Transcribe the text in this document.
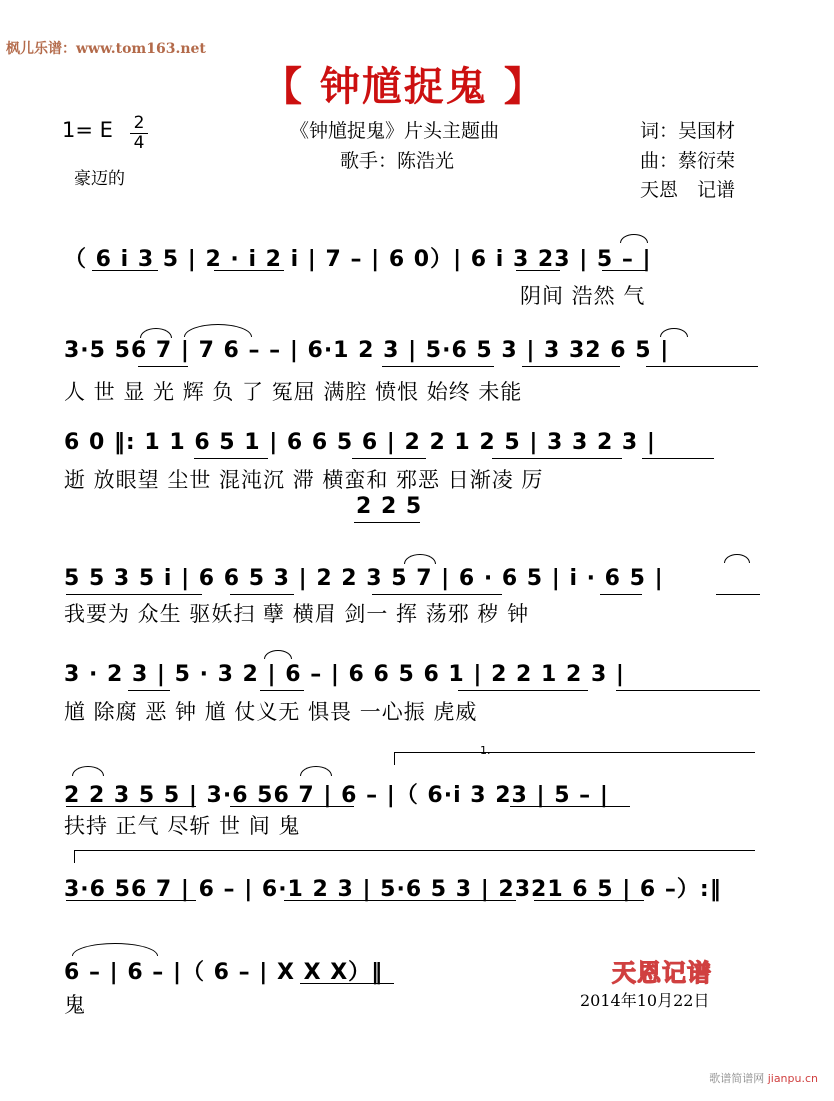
枫儿乐谱：www.tom163.net
【 钟馗捉鬼 】
《钟馗捉鬼》片头主题曲
歌手：陈浩光
词：吴国材
曲：蔡衍荣
天恩　记谱
1= E 2
4
豪迈的
（ 6 i 3 5 | 2 · i 2 i | 7 – | 6 0）| 6 i 3 23 | 5 – |
阴间 浩然 气
3·5 56 7 | 7 6 – – | 6·1 2 3 | 5·6 5 3 | 3 32 6 5 |
人 世 显 光 辉 负 了 冤屈 满腔 愤恨 始终 未能
6 0 ‖: 1 1 6 5 1 | 6 6 5 6 | 2 2 1 2 5 | 3 3 2 3 |
逝 放眼望 尘世 混沌沉 滞 横蛮和 邪恶 日渐凌 厉
2 2 5
5 5 3 5 i | 6 6 5 3 | 2 2 3 5 7 | 6 · 6 5 | i · 6 5 |
我要为 众生 驱妖扫 孽 横眉 剑一 挥 荡邪 秽 钟
3 · 2 3 | 5 · 3 2 | 6 – | 6 6 5 6 1 | 2 2 1 2 3 |
馗 除腐 恶 钟 馗 仗义无 惧畏 一心振 虎威
1.
2 2 3 5 5 | 3·6 56 7 | 6 – |（ 6·i 3 23 | 5 – |
扶持 正气 尽斩 世 间 鬼
3·6 56 7 | 6 – | 6·1 2 3 | 5·6 5 3 | 2321 6 5 | 6 –）:‖
6 – | 6 – |（ 6 – | X X X）‖
鬼
天恩记谱
2014年10月22日
歌谱简谱网 jianpu.cn
